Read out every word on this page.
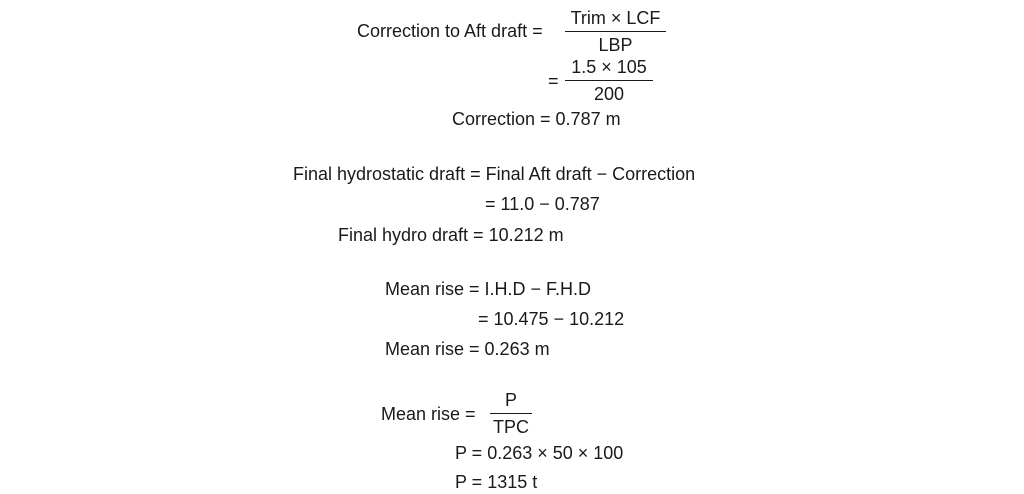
Correction to Aft draft =
Trim × LCF
LBP
=
1.5 × 105
200
Correction = 0.787 m
Final hydrostatic draft = Final Aft draft − Correction
= 11.0 − 0.787
Final hydro draft = 10.212 m
Mean rise = I.H.D − F.H.D
= 10.475 − 10.212
Mean rise = 0.263 m
Mean rise =
P
TPC
P = 0.263 × 50 × 100
P = 1315 t
